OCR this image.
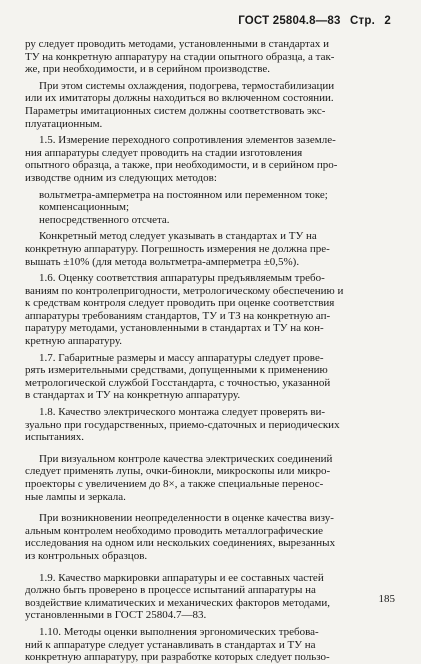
ГОСТ 25804.8—83 Стр. 2

ру следует проводить методами, установленными в стандартах и
ТУ на конкретную аппаратуру на стадии опытного образца, а так-
же, при необходимости, и в серийном производстве.

При этом системы охлаждения, подогрева, термостабилизации
или их имитаторы должны находиться во включенном состоянии.
Параметры имитационных систем должны соответствовать экс-
плуатационным.

1.5. Измерение переходного сопротивления элементов заземле-
ния аппаратуры следует проводить на стадии изготовления
опытного образца, а также, при необходимости, и в серийном про-
изводстве одним из следующих методов:

вольтметра-амперметра на постоянном или переменном токе;

компенсационным;

непосредственного отсчета.

Конкретный метод следует указывать в стандартах и ТУ на
конкретную аппаратуру. Погрешность измерения не должна пре-
вышать ±10% (для метода вольтметра-амперметра ±0,5%).

1.6. Оценку соответствия аппаратуры предъявляемым требо-
ваниям по контролепригодности, метрологическому обеспечению и
к средствам контроля следует проводить при оценке соответствия
аппаратуры требованиям стандартов, ТУ и ТЗ на конкретную ап-
паратуру методами, установленными в стандартах и ТУ на кон-
кретную аппаратуру.

1.7. Габаритные размеры и массу аппаратуры следует прове-
рять измерительными средствами, допущенными к применению
метрологической службой Госстандарта, с точностью, указанной
в стандартах и ТУ на конкретную аппаратуру.

1.8. Качество электрического монтажа следует проверять ви-
зуально при государственных, приемо-сдаточных и периодических
испытаниях.

При визуальном контроле качества электрических соединений
следует применять лупы, очки-бинокли, микроскопы или микро-
проекторы с увеличением до 8×, а также специальные перенос-
ные лампы и зеркала.

При возникновении неопределенности в оценке качества визу-
альным контролем необходимо проводить металлографические
исследования на одном или нескольких соединениях, вырезанных
из контрольных образцов.

1.9. Качество маркировки аппаратуры и ее составных частей
должно быть проверено в процессе испытаний аппаратуры на
воздействие климатических и механических факторов методами,
установленными в ГОСТ 25804.7—83.

1.10. Методы оценки выполнения эргономических требова-
ний к аппаратуре следует устанавливать в стандартах и ТУ на
конкретную аппаратуру, при разработке которых следует пользо-

185
